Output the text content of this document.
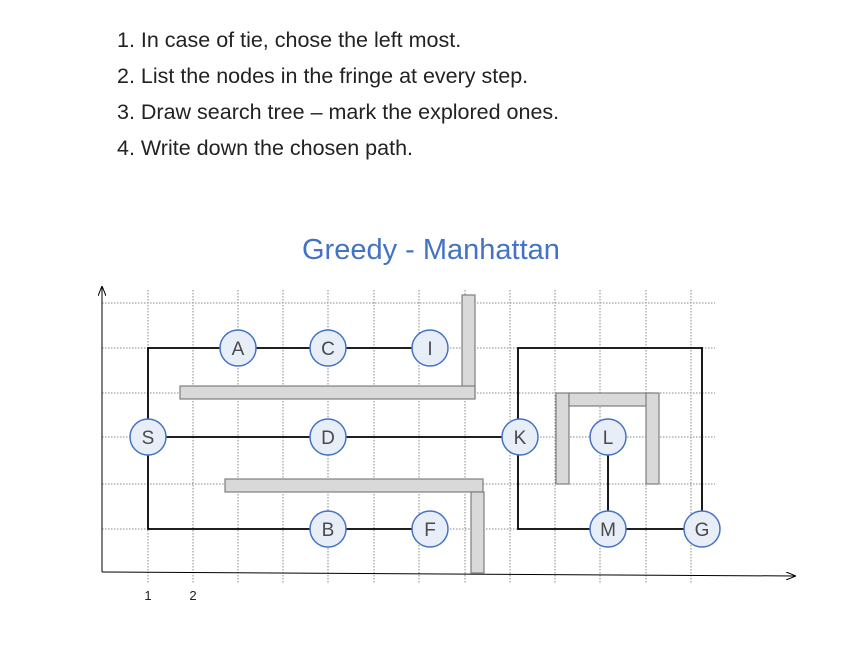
1. In case of tie, chose the left most.
2. List the nodes in the fringe at every step.
3. Draw search tree – mark the explored ones.
4. Write down the chosen path.
Greedy - Manhattan
A	C	I
S	D	K	L
B	F	M	G
1	2
